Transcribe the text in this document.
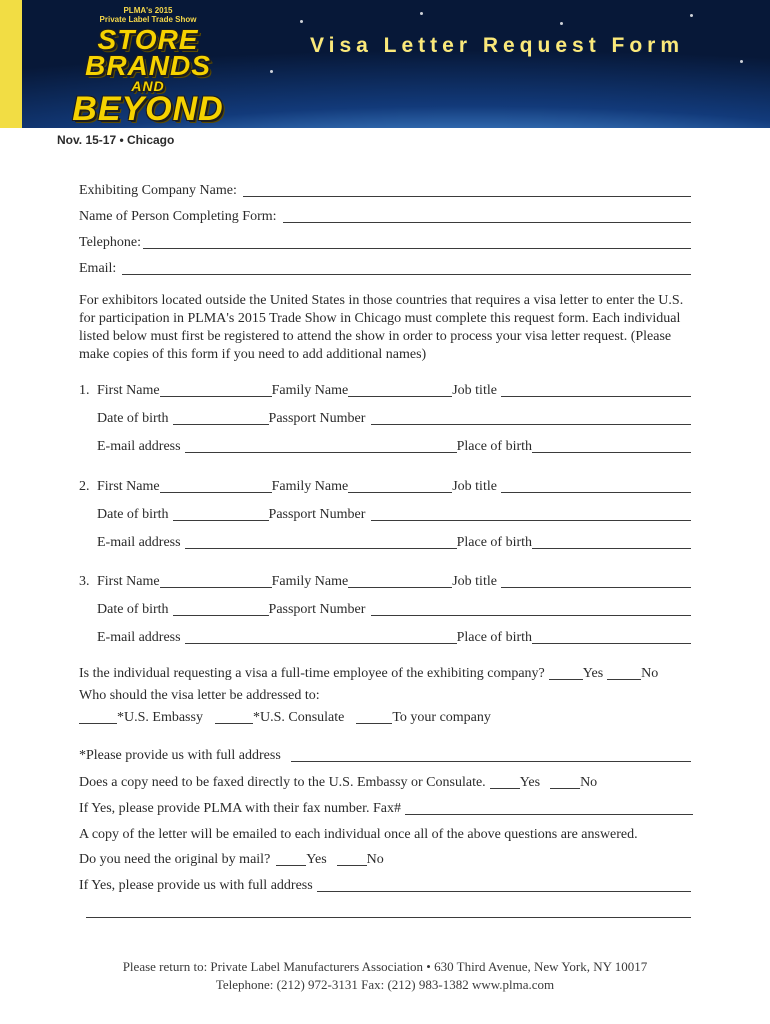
PLMA's 2015
Private Label Trade Show
STORE
BRANDS
AND
BEYOND
Visa Letter Request Form
Nov. 15-17 • Chicago
Exhibiting Company Name:
Name of Person Completing Form:
Telephone:
Email:
For exhibitors located outside the United States in those countries that requires a visa letter to enter the U.S. for participation in PLMA's 2015 Trade Show in Chicago must complete this request form. Each individual listed below must first be registered to attend the show in order to process your visa letter request. (Please make copies of this form if you need to add additional names)
1. First Name	Family Name	Job title
Date of birth	Passport Number
E-mail address	Place of birth
2. First Name	Family Name	Job title
Date of birth	Passport Number
E-mail address	Place of birth
3. First Name	Family Name	Job title
Date of birth	Passport Number
E-mail address	Place of birth
Is the individual requesting a visa a full-time employee of the exhibiting company?	Yes	No
Who should the visa letter be addressed to:
*U.S. Embassy	*U.S. Consulate	To your company
*Please provide us with full address
Does a copy need to be faxed directly to the U.S. Embassy or Consulate. Yes	No
If Yes, please provide PLMA with their fax number. Fax#
A copy of the letter will be emailed to each individual once all of the above questions are answered.
Do you need the original by mail?	Yes	No
If Yes, please provide us with full address
Please return to: Private Label Manufacturers Association • 630 Third Avenue, New York, NY 10017
Telephone: (212) 972-3131 Fax: (212) 983-1382 www.plma.com
